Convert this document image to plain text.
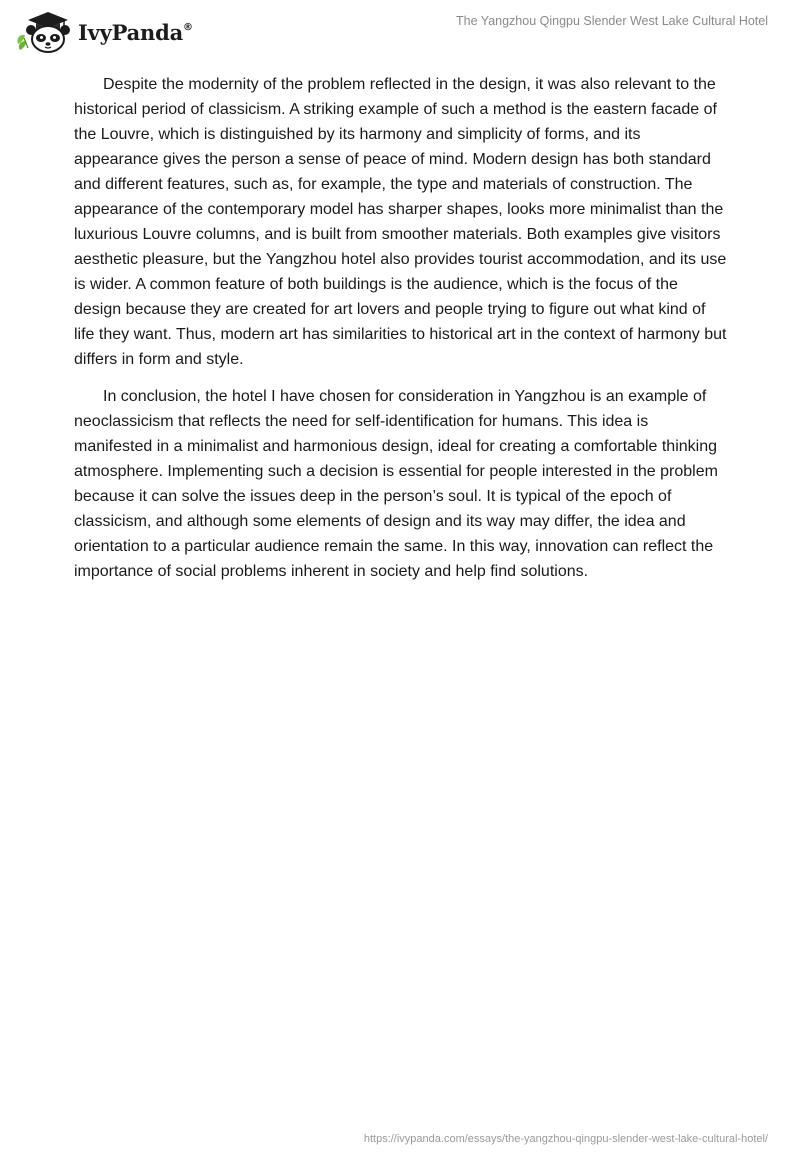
IvyPanda®	The Yangzhou Qingpu Slender West Lake Cultural Hotel

Despite the modernity of the problem reflected in the design, it was also relevant to the historical period of classicism. A striking example of such a method is the eastern facade of the Louvre, which is distinguished by its harmony and simplicity of forms, and its appearance gives the person a sense of peace of mind. Modern design has both standard and different features, such as, for example, the type and materials of construction. The appearance of the contemporary model has sharper shapes, looks more minimalist than the luxurious Louvre columns, and is built from smoother materials. Both examples give visitors aesthetic pleasure, but the Yangzhou hotel also provides tourist accommodation, and its use is wider. A common feature of both buildings is the audience, which is the focus of the design because they are created for art lovers and people trying to figure out what kind of life they want. Thus, modern art has similarities to historical art in the context of harmony but differs in form and style.

In conclusion, the hotel I have chosen for consideration in Yangzhou is an example of neoclassicism that reflects the need for self-identification for humans. This idea is manifested in a minimalist and harmonious design, ideal for creating a comfortable thinking atmosphere. Implementing such a decision is essential for people interested in the problem because it can solve the issues deep in the person’s soul. It is typical of the epoch of classicism, and although some elements of design and its way may differ, the idea and orientation to a particular audience remain the same. In this way, innovation can reflect the importance of social problems inherent in society and help find solutions.

https://ivypanda.com/essays/the-yangzhou-qingpu-slender-west-lake-cultural-hotel/
